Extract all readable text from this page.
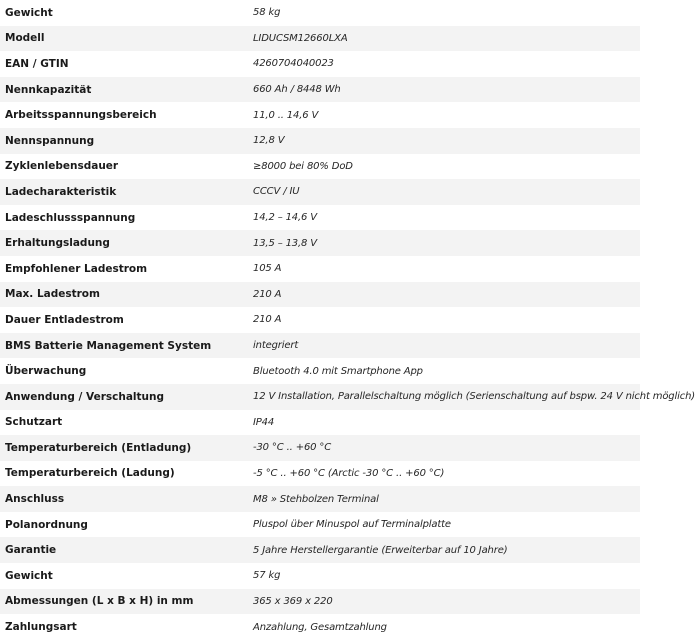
Gewicht	58 kg
Modell	LIDUCSM12660LXA
EAN / GTIN	4260704040023
Nennkapazität	660 Ah / 8448 Wh
Arbeitsspannungsbereich	11,0 .. 14,6 V
Nennspannung	12,8 V
Zyklenlebensdauer	≥8000 bei 80% DoD
Ladecharakteristik	CCCV / IU
Ladeschlussspannung	14,2 – 14,6 V
Erhaltungsladung	13,5 – 13,8 V
Empfohlener Ladestrom	105 A
Max. Ladestrom	210 A
Dauer Entladestrom	210 A
BMS Batterie Management System	integriert
Überwachung	Bluetooth 4.0 mit Smartphone App
Anwendung / Verschaltung	12 V Installation, Parallelschaltung möglich (Serienschaltung auf bspw. 24 V nicht möglich)
Schutzart	IP44
Temperaturbereich (Entladung)	-30 °C .. +60 °C
Temperaturbereich (Ladung)	-5 °C .. +60 °C (Arctic -30 °C .. +60 °C)
Anschluss	M8 » Stehbolzen Terminal
Polanordnung	Pluspol über Minuspol auf Terminalplatte
Garantie	5 Jahre Herstellergarantie (Erweiterbar auf 10 Jahre)
Gewicht	57 kg
Abmessungen (L x B x H) in mm	365 x 369 x 220
Zahlungsart	Anzahlung, Gesamtzahlung
